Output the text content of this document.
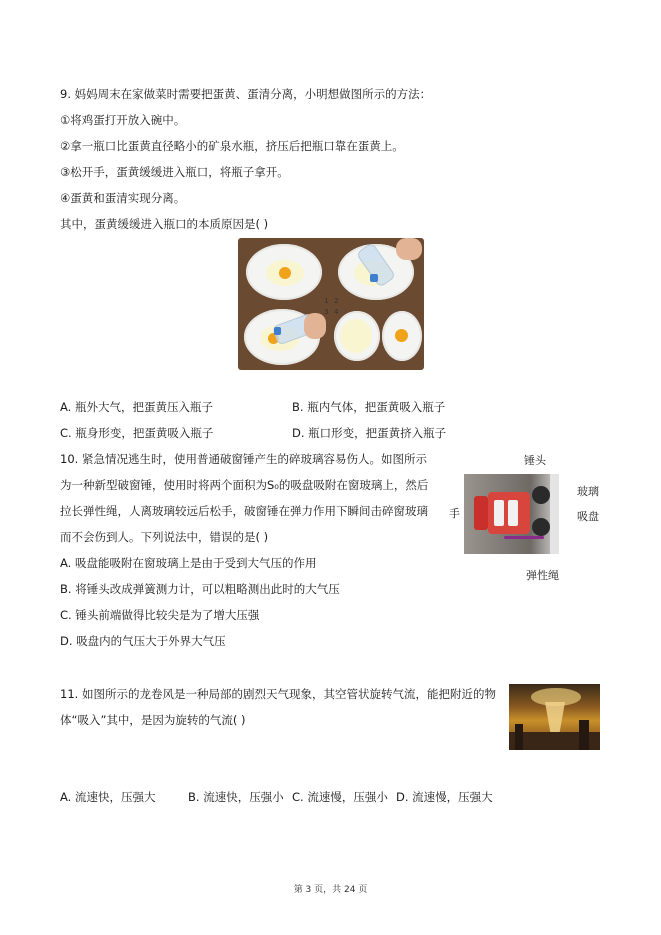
9. 妈妈周末在家做菜时需要把蛋黄、蛋清分离，小明想做图所示的方法：
①将鸡蛋打开放入碗中。
②拿一瓶口比蛋黄直径略小的矿泉水瓶，挤压后把瓶口靠在蛋黄上。
③松开手，蛋黄缓缓进入瓶口，将瓶子拿开。
④蛋黄和蛋清实现分离。
其中，蛋黄缓缓进入瓶口的本质原因是( )
1 2
3 4
A. 瓶外大气，把蛋黄压入瓶子	B. 瓶内气体，把蛋黄吸入瓶子
C. 瓶身形变，把蛋黄吸入瓶子	D. 瓶口形变，把蛋黄挤入瓶子
10. 紧急情况逃生时，使用普通破窗锤产生的碎玻璃容易伤人。如图所示
为一种新型破窗锤，使用时将两个面积为S₀的吸盘吸附在窗玻璃上，然后
拉长弹性绳，人离玻璃较远后松手，破窗锤在弹力作用下瞬间击碎窗玻璃
而不会伤到人。下列说法中，错误的是( )
锤头
玻璃
吸盘
手
弹性绳
A. 吸盘能吸附在窗玻璃上是由于受到大气压的作用
B. 将锤头改成弹簧测力计，可以粗略测出此时的大气压
C. 锤头前端做得比较尖是为了增大压强
D. 吸盘内的气压大于外界大气压
11. 如图所示的龙卷风是一种局部的剧烈天气现象，其空管状旋转气流，能把附近的物
体“吸入”其中，是因为旋转的气流( )
A. 流速快，压强大	B. 流速快，压强小 C. 流速慢，压强小 D. 流速慢，压强大
第 3 页，共 24 页
